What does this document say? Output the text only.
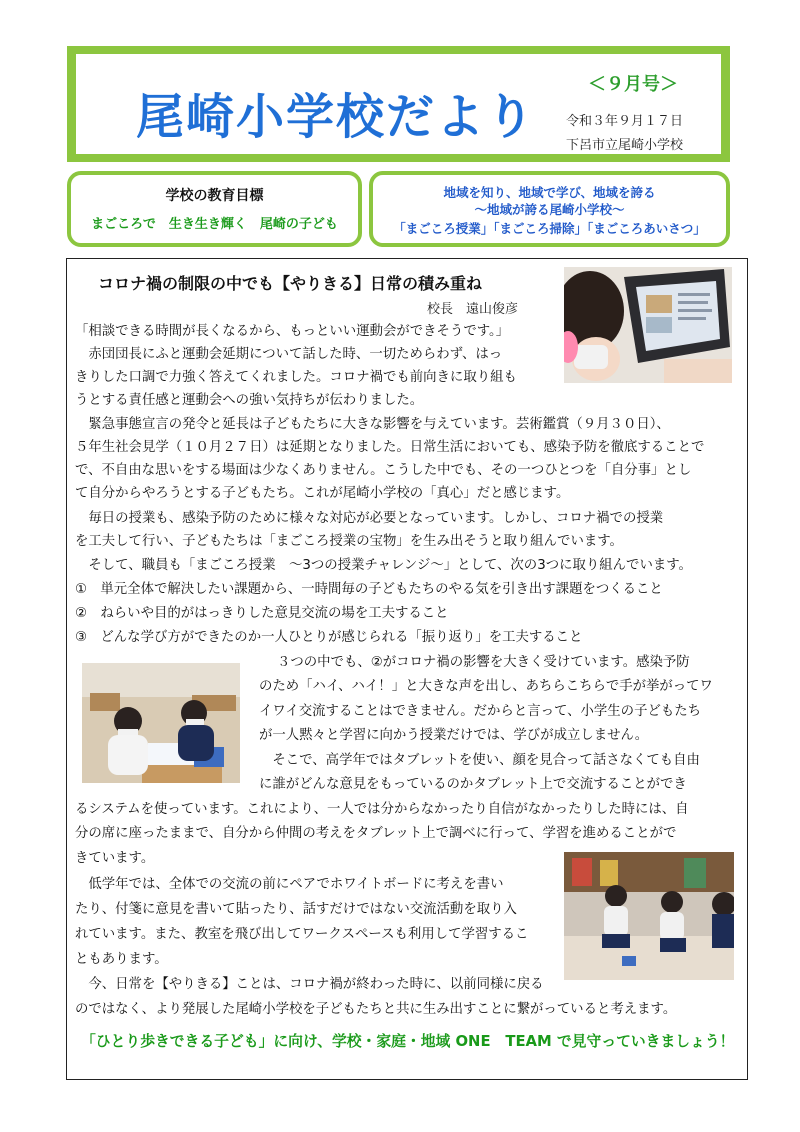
尾崎小学校だより
＜９月号＞
令和３年９月１７日
下呂市立尾崎小学校
学校の教育目標
まごころで　生き生き輝く　尾崎の子ども
地域を知り、地域で学び、地域を誇る
～地域が誇る尾崎小学校～
「まごころ授業」「まごころ掃除」「まごころあいさつ」
コロナ禍の制限の中でも【やりきる】日常の積み重ね
校長　遠山俊彦
「相談できる時間が長くなるから、もっといい運動会ができそうです。」
　赤団団長にふと運動会延期について話した時、一切ためらわず、はっ
きりした口調で力強く答えてくれました。コロナ禍でも前向きに取り組も
うとする責任感と運動会への強い気持ちが伝わりました。
　緊急事態宣言の発令と延長は子どもたちに大きな影響を与えています。芸術鑑賞（９月３０日）、
５年生社会見学（１０月２７日）は延期となりました。日常生活においても、感染予防を徹底することで
で、不自由な思いをする場面は少なくありません。こうした中でも、その一つひとつを「自分事」とし
て自分からやろうとする子どもたち。これが尾崎小学校の「真心」だと感じます。
　毎日の授業も、感染予防のために様々な対応が必要となっています。しかし、コロナ禍での授業
を工夫して行い、子どもたちは「まごころ授業の宝物」を生み出そうと取り組んでいます。
　そして、職員も「まごころ授業　～3つの授業チャレンジ～」として、次の3つに取り組んでいます。
①　単元全体で解決したい課題から、一時間毎の子どもたちのやる気を引き出す課題をつくること
②　ねらいや目的がはっきりした意見交流の場を工夫すること
③　どんな学び方ができたのか一人ひとりが感じられる「振り返り」を工夫すること
３つの中でも、②がコロナ禍の影響を大きく受けています。感染予防
のため「ハイ、ハイ！」と大きな声を出し、あちらこちらで手が挙がってワ
イワイ交流することはできません。だからと言って、小学生の子どもたち
が一人黙々と学習に向かう授業だけでは、学びが成立しません。
　そこで、高学年ではタブレットを使い、顔を見合って話さなくても自由
に誰がどんな意見をもっているのかタブレット上で交流することができ
るシステムを使っています。これにより、一人では分からなかったり自信がなかったりした時には、自
分の席に座ったままで、自分から仲間の考えをタブレット上で調べに行って、学習を進めることがで
きています。
　低学年では、全体での交流の前にペアでホワイトボードに考えを書い
たり、付箋に意見を書いて貼ったり、話すだけではない交流活動を取り入
れています。また、教室を飛び出してワークスペースも利用して学習するこ
ともあります。
　今、日常を【やりきる】ことは、コロナ禍が終わった時に、以前同様に戻る
のではなく、より発展した尾崎小学校を子どもたちと共に生み出すことに繋がっていると考えます。
「ひとり歩きできる子ども」に向け、学校・家庭・地域 ONE　TEAM で見守っていきましょう！
